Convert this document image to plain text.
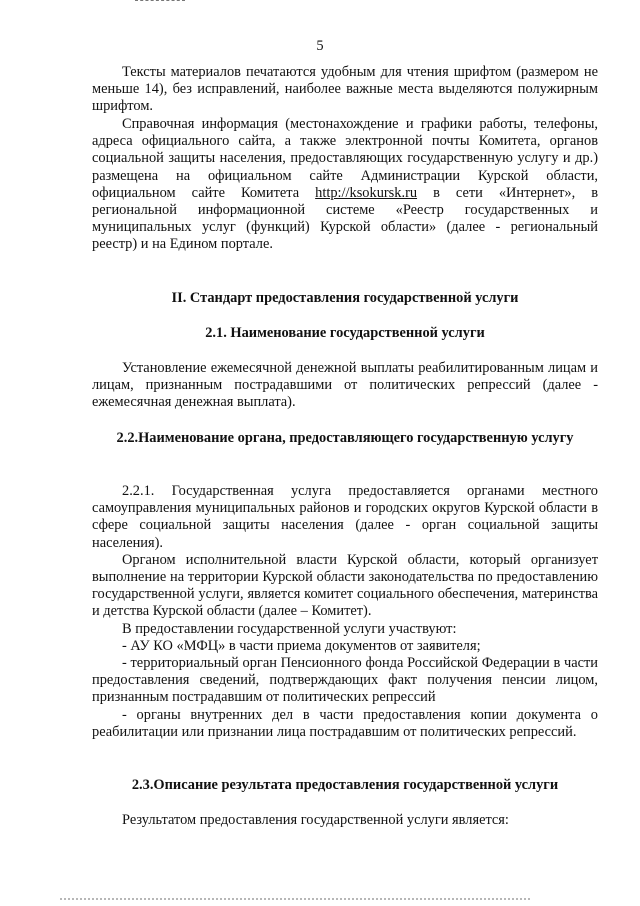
5

Тексты материалов печатаются удобным для чтения шрифтом (размером не меньше 14), без исправлений, наиболее важные места выделяются полужирным шрифтом.

Справочная информация (местонахождение и графики работы, телефоны, адреса официального сайта, а также электронной почты Комитета, органов социальной защиты населения, предоставляющих государственную услугу и др.) размещена на официальном сайте Администрации Курской области, официальном сайте Комитета http://ksokursk.ru в сети «Интернет», в региональной информационной системе «Реестр государственных и муниципальных услуг (функций) Курской области» (далее - региональный реестр) и на Едином портале.

II. Стандарт предоставления государственной услуги
2.1. Наименование государственной услуги

Установление ежемесячной денежной выплаты реабилитированным лицам и лицам, признанным пострадавшими от политических репрессий (далее - ежемесячная денежная выплата).

2.2.Наименование органа, предоставляющего государственную услугу

2.2.1. Государственная услуга предоставляется органами местного самоуправления муниципальных районов и городских округов Курской области в сфере социальной защиты населения (далее - орган социальной защиты населения).

Органом исполнительной власти Курской области, который организует выполнение на территории Курской области законодательства по предоставлению государственной услуги, является комитет социального обеспечения, материнства и детства Курской области (далее – Комитет).

В предоставлении государственной услуги участвуют:

- АУ КО «МФЦ» в части приема документов от заявителя;

- территориальный орган Пенсионного фонда Российской Федерации в части предоставления сведений, подтверждающих факт получения пенсии лицом, признанным пострадавшим от политических репрессий

- органы внутренних дел в части предоставления копии документа о реабилитации или признании лица пострадавшим от политических репрессий.

2.3.Описание результата предоставления государственной услуги

Результатом предоставления государственной услуги является:
